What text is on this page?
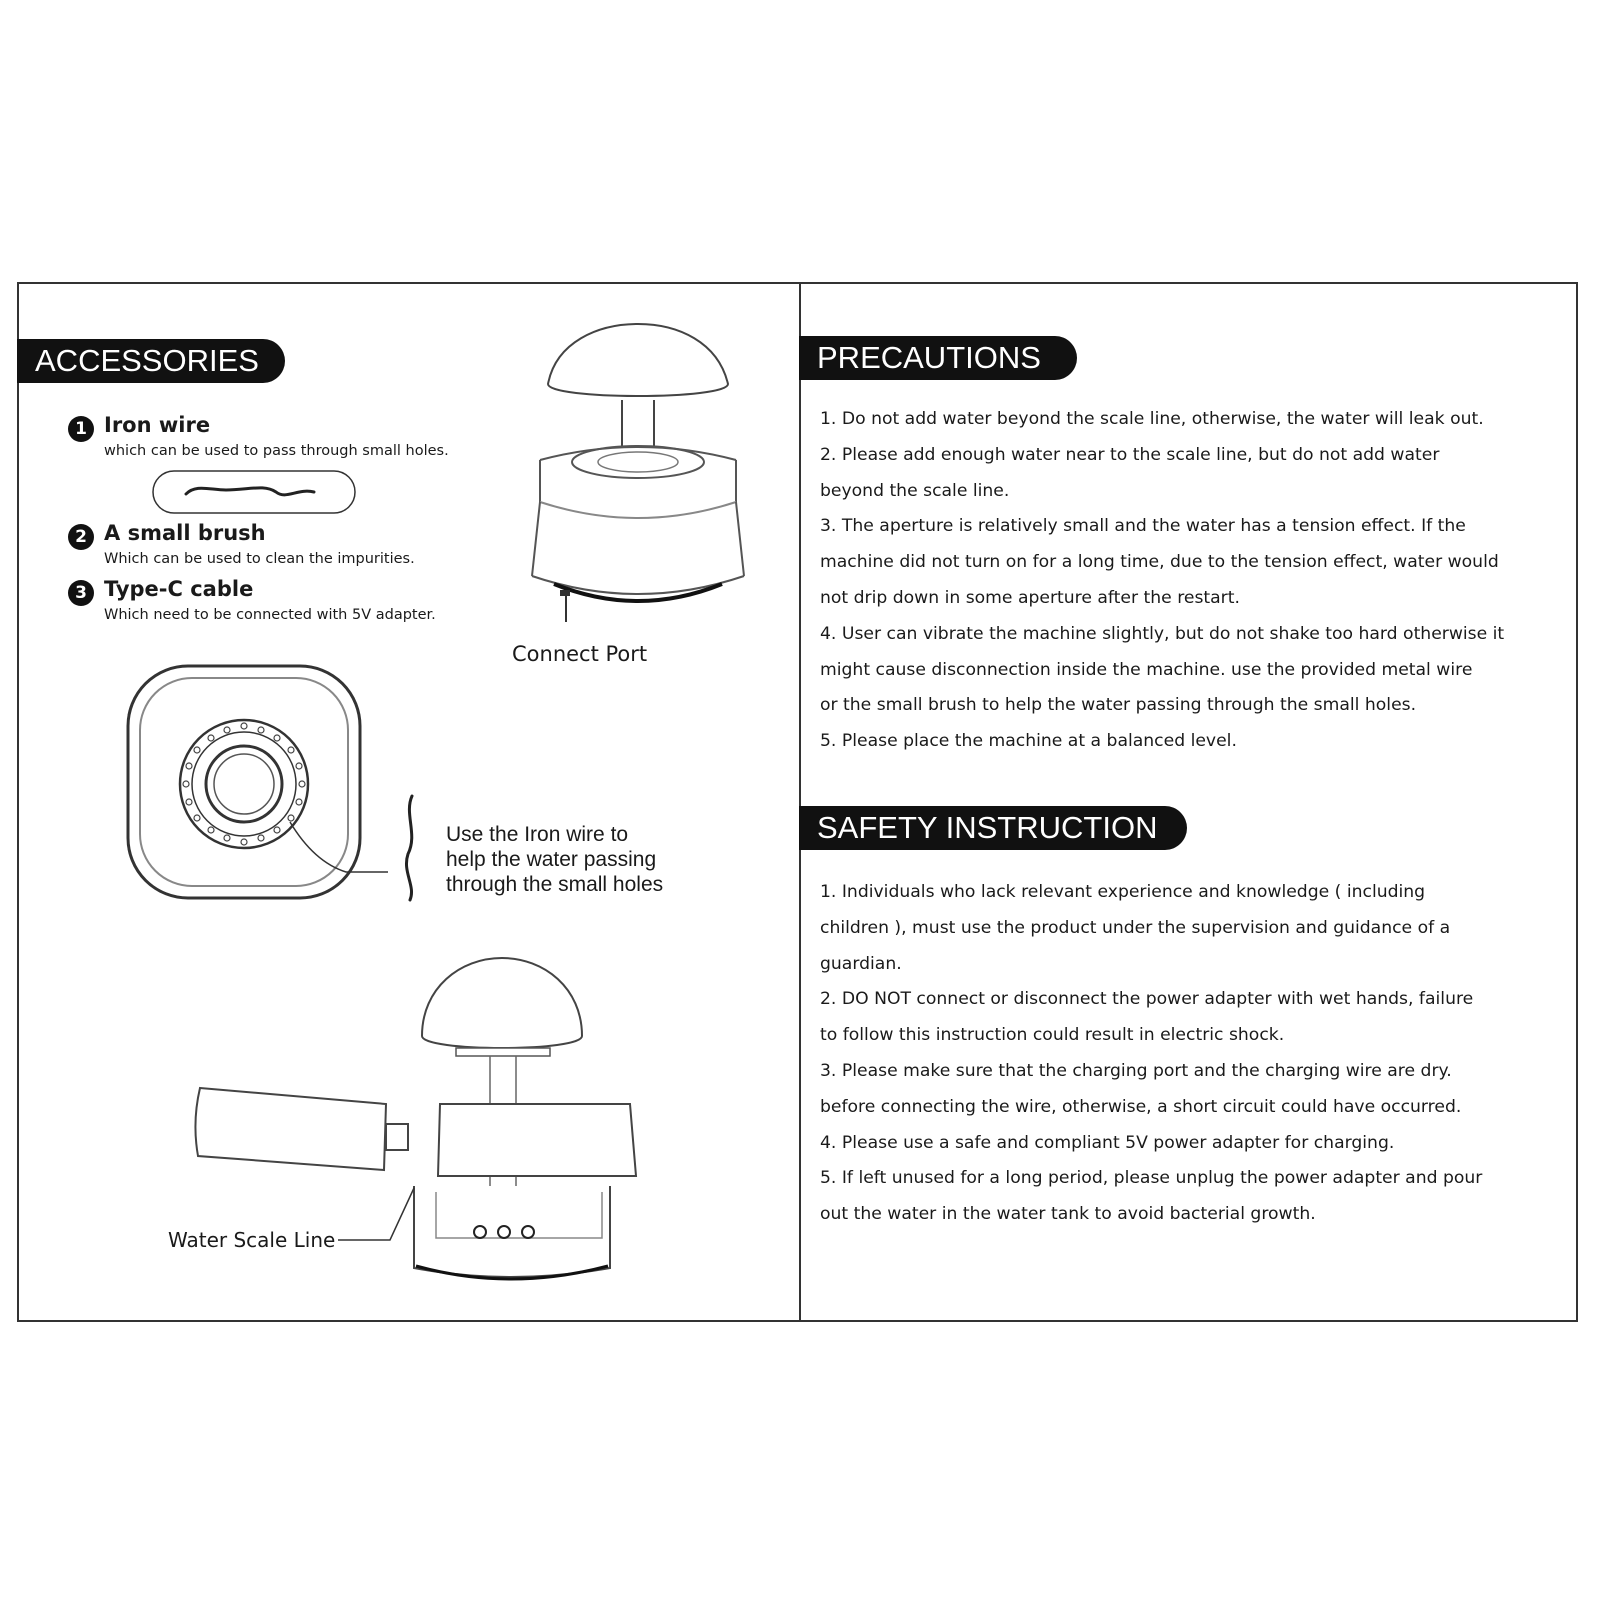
ACCESSORIES
1 Iron wire
which can be used to pass through small holes.
2 A small brush
Which can be used to clean the impurities.
3 Type-C cable
Which need to be connected with 5V adapter.
Connect Port
Use the Iron wire to
help the water passing
through the small holes
Water Scale Line
PRECAUTIONS
1. Do not add water beyond the scale line, otherwise, the water will leak out.
2. Please add enough water near to the scale line, but do not add water
beyond the scale line.
3. The aperture is relatively small and the water has a tension effect. If the
machine did not turn on for a long time, due to the tension effect, water would
not drip down in some aperture after the restart.
4. User can vibrate the machine slightly, but do not shake too hard otherwise it
might cause disconnection inside the machine. use the provided metal wire
or the small brush to help the water passing through the small holes.
5. Please place the machine at a balanced level.
SAFETY INSTRUCTION
1. Individuals who lack relevant experience and knowledge ( including
children ), must use the product under the supervision and guidance of a
guardian.
2. DO NOT connect or disconnect the power adapter with wet hands, failure
to follow this instruction could result in electric shock.
3. Please make sure that the charging port and the charging wire are dry.
before connecting the wire, otherwise, a short circuit could have occurred.
4. Please use a safe and compliant 5V power adapter for charging.
5. If left unused for a long period, please unplug the power adapter and pour
out the water in the water tank to avoid bacterial growth.
